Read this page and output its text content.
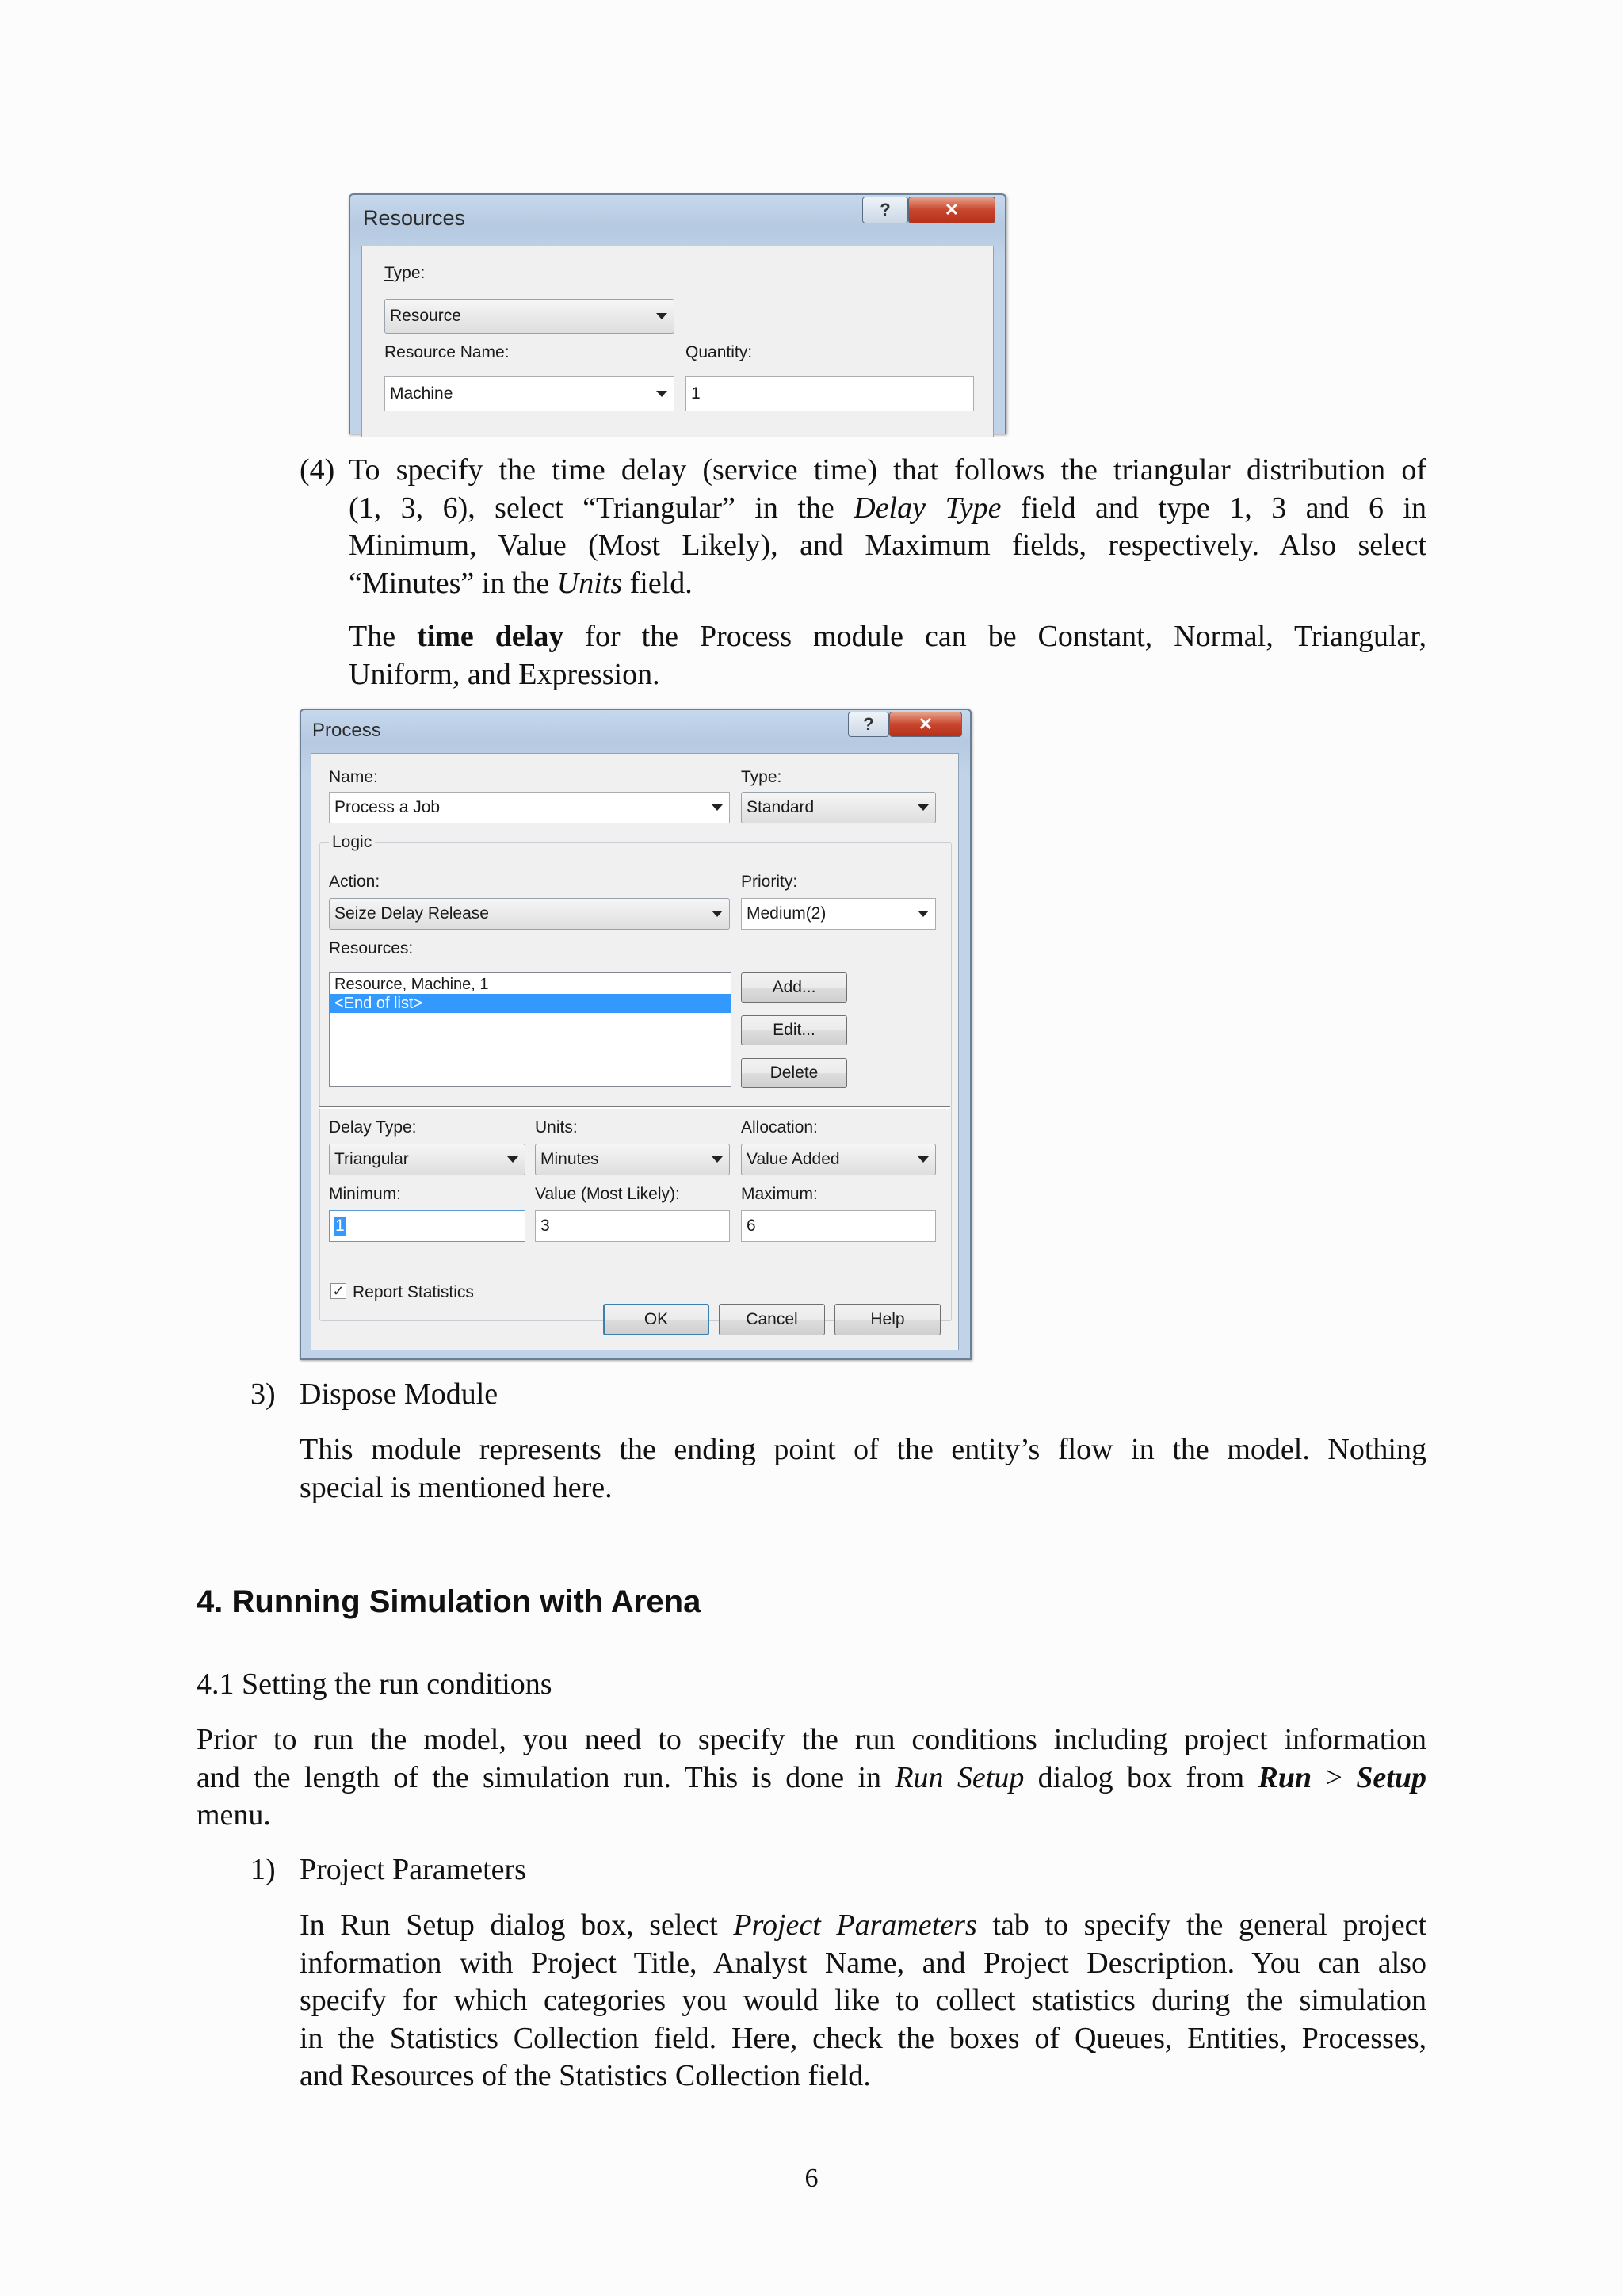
Resources	?	✕
Type:
Resource
Resource Name:	Quantity:
Machine	1
(4) To specify the time delay (service time) that follows the triangular distribution of
(1, 3, 6), select “Triangular” in the Delay Type field and type 1, 3 and 6 in
Minimum, Value (Most Likely), and Maximum fields, respectively. Also select
“Minutes” in the Units field.
The time delay for the Process module can be Constant, Normal, Triangular,
Uniform, and Expression.
Process	?	✕
Name:	Type:
Process a Job	Standard
Logic
Action:	Priority:
Seize Delay Release	Medium(2)
Resources:
Resource, Machine, 1
<End of list>
Add...
Edit...
Delete
Delay Type:	Units:	Allocation:
Triangular	Minutes	Value Added
Minimum:	Value (Most Likely):	Maximum:
1	3	6
✓ Report Statistics
OK	Cancel	Help
3) Dispose Module
This module represents the ending point of the entity’s flow in the model. Nothing
special is mentioned here.
4. Running Simulation with Arena
4.1 Setting the run conditions
Prior to run the model, you need to specify the run conditions including project information
and the length of the simulation run. This is done in Run Setup dialog box from Run > Setup
menu.
1) Project Parameters
In Run Setup dialog box, select Project Parameters tab to specify the general project
information with Project Title, Analyst Name, and Project Description. You can also
specify for which categories you would like to collect statistics during the simulation
in the Statistics Collection field. Here, check the boxes of Queues, Entities, Processes,
and Resources of the Statistics Collection field.
6
